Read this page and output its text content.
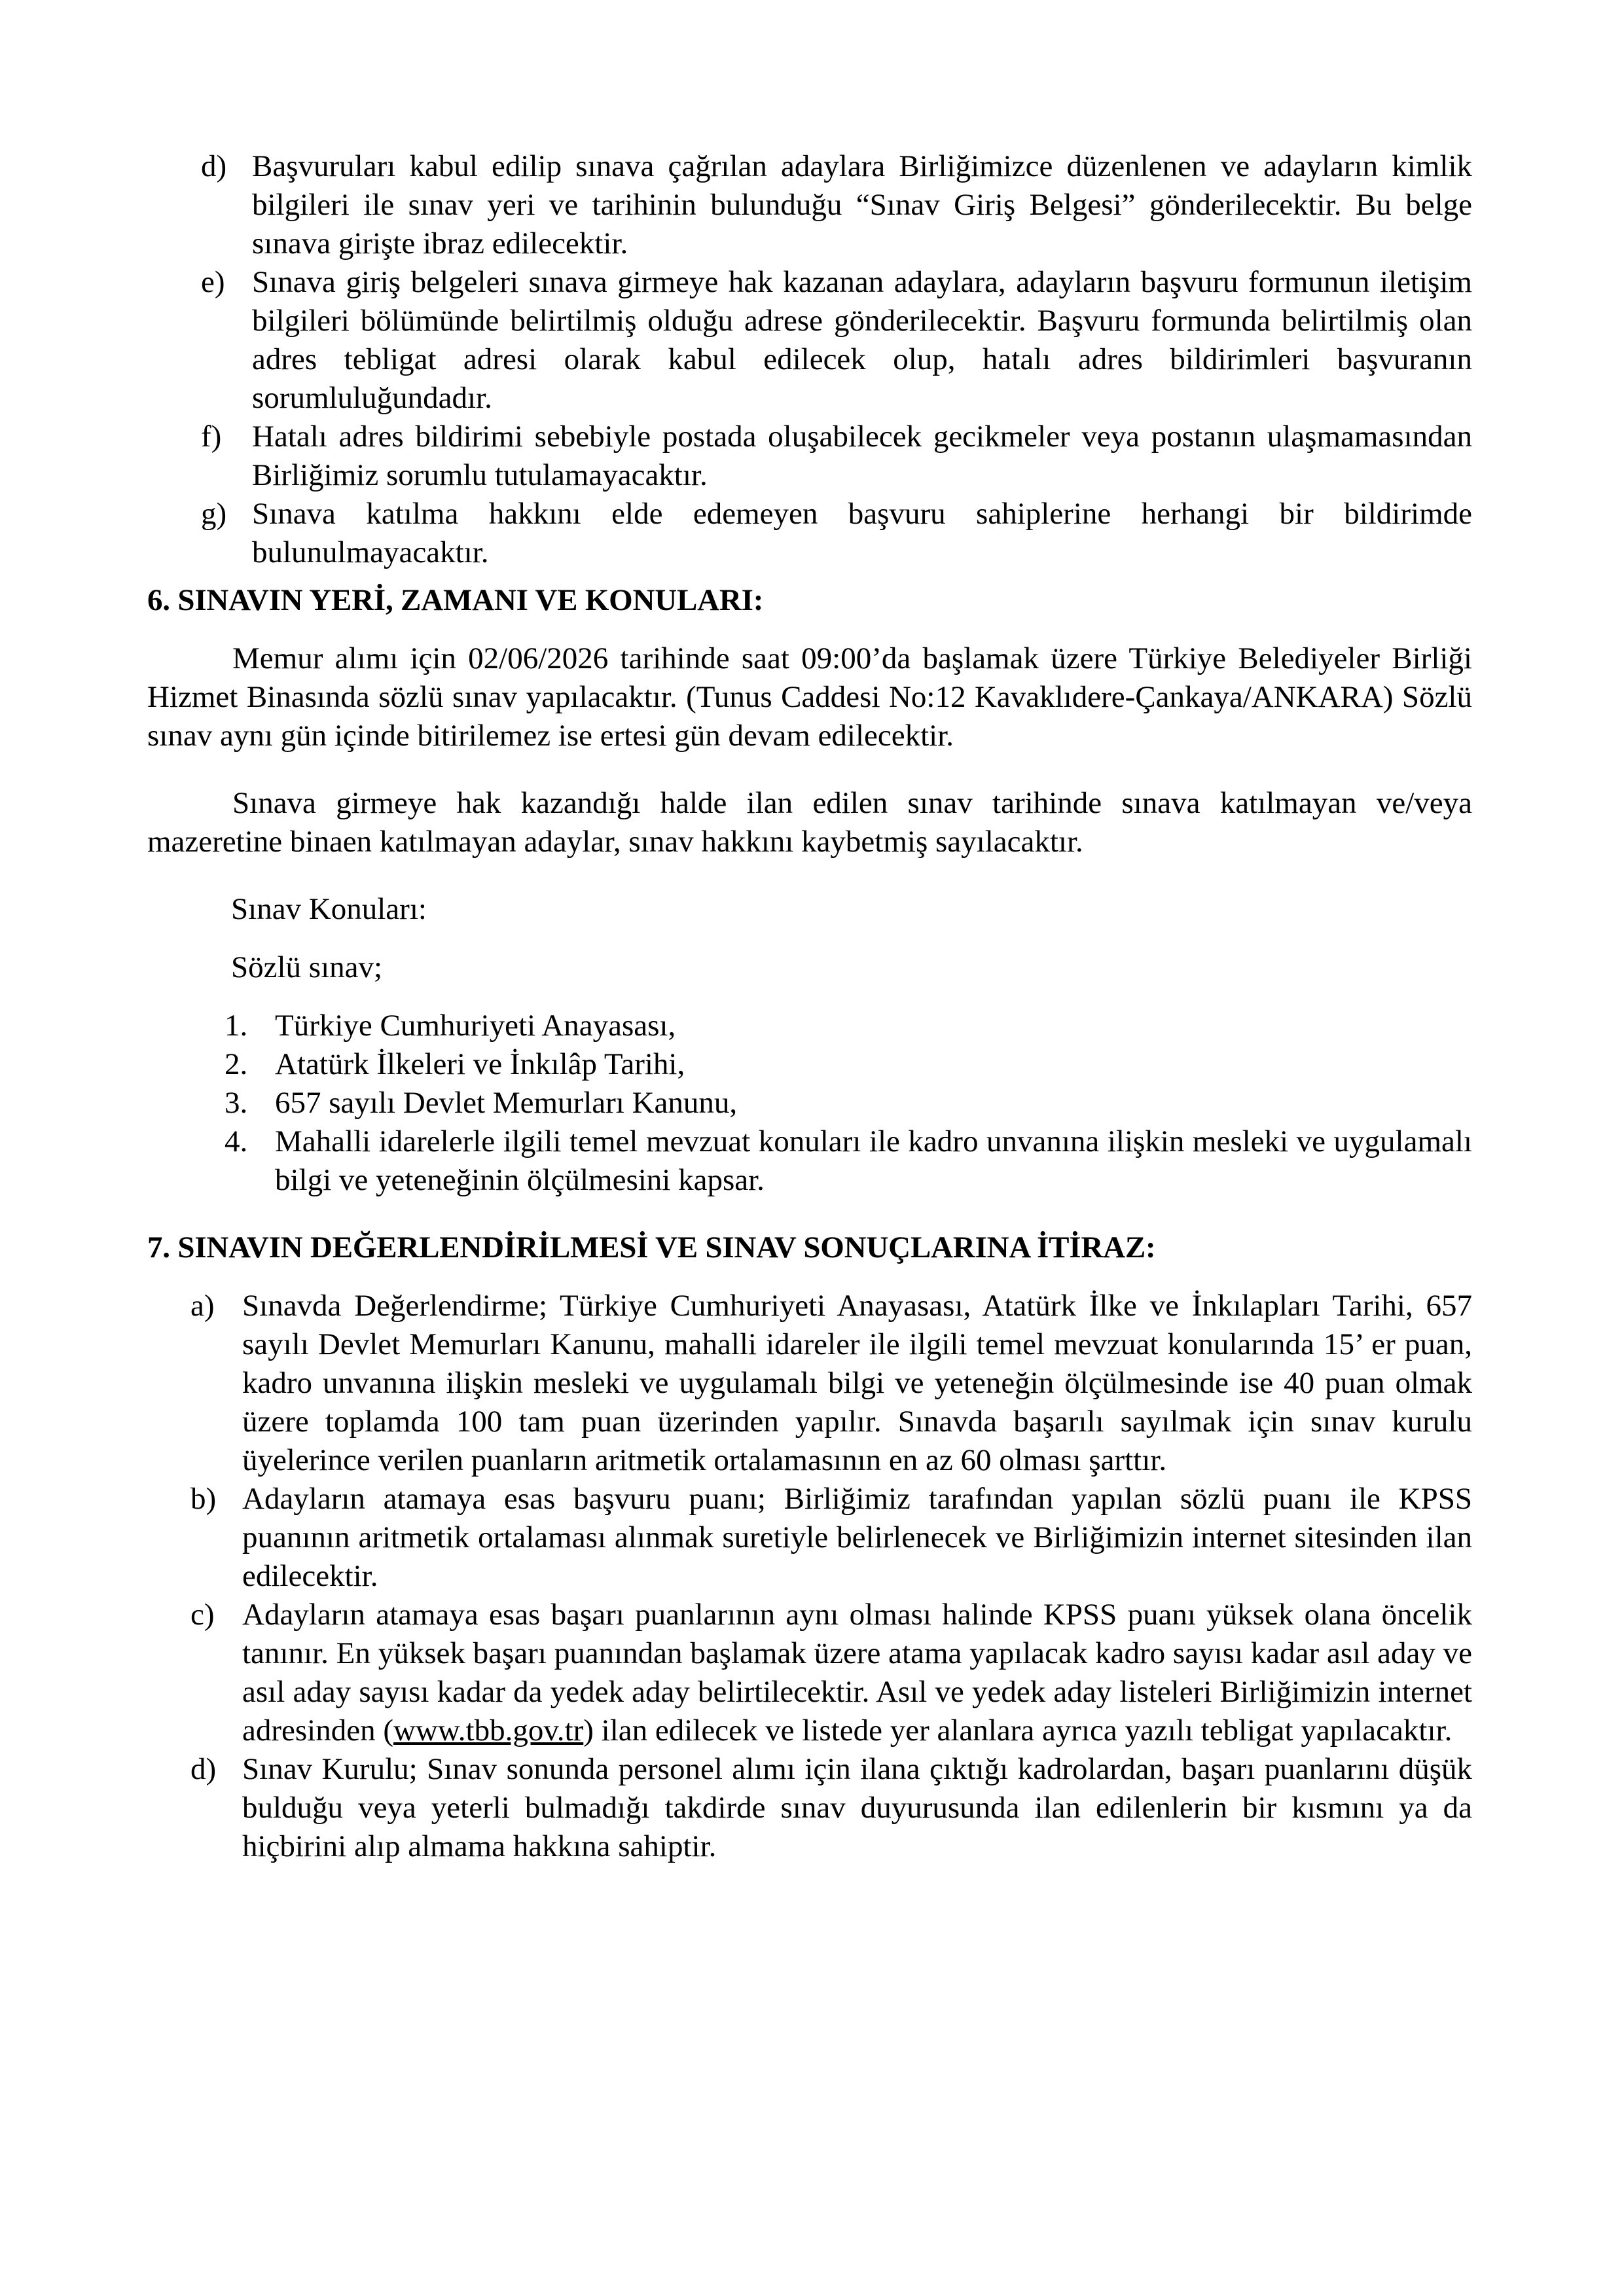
d) Başvuruları kabul edilip sınava çağrılan adaylara Birliğimizce düzenlenen ve adayların kimlik bilgileri ile sınav yeri ve tarihinin bulunduğu “Sınav Giriş Belgesi” gönderilecektir. Bu belge sınava girişte ibraz edilecektir.
e) Sınava giriş belgeleri sınava girmeye hak kazanan adaylara, adayların başvuru formunun iletişim bilgileri bölümünde belirtilmiş olduğu adrese gönderilecektir. Başvuru formunda belirtilmiş olan adres tebligat adresi olarak kabul edilecek olup, hatalı adres bildirimleri başvuranın sorumluluğundadır.
f) Hatalı adres bildirimi sebebiyle postada oluşabilecek gecikmeler veya postanın ulaşmamasından Birliğimiz sorumlu tutulamayacaktır.
g) Sınava katılma hakkını elde edemeyen başvuru sahiplerine herhangi bir bildirimde bulunulmayacaktır.
6. SINAVIN YERİ, ZAMANI VE KONULARI:

Memur alımı için 02/06/2026 tarihinde saat 09:00’da başlamak üzere Türkiye Belediyeler Birliği Hizmet Binasında sözlü sınav yapılacaktır. (Tunus Caddesi No:12 Kavaklıdere-Çankaya/ANKARA) Sözlü sınav aynı gün içinde bitirilemez ise ertesi gün devam edilecektir.

Sınava girmeye hak kazandığı halde ilan edilen sınav tarihinde sınava katılmayan ve/veya mazeretine binaen katılmayan adaylar, sınav hakkını kaybetmiş sayılacaktır.

Sınav Konuları:

Sözlü sınav;

1. Türkiye Cumhuriyeti Anayasası,
2. Atatürk İlkeleri ve İnkılâp Tarihi,
3. 657 sayılı Devlet Memurları Kanunu,
4. Mahalli idarelerle ilgili temel mevzuat konuları ile kadro unvanına ilişkin mesleki ve uygulamalı bilgi ve yeteneğinin ölçülmesini kapsar.
7. SINAVIN DEĞERLENDİRİLMESİ VE SINAV SONUÇLARINA İTİRAZ:
a) Sınavda Değerlendirme; Türkiye Cumhuriyeti Anayasası, Atatürk İlke ve İnkılapları Tarihi, 657 sayılı Devlet Memurları Kanunu, mahalli idareler ile ilgili temel mevzuat konularında 15’ er puan, kadro unvanına ilişkin mesleki ve uygulamalı bilgi ve yeteneğin ölçülmesinde ise 40 puan olmak üzere toplamda 100 tam puan üzerinden yapılır. Sınavda başarılı sayılmak için sınav kurulu üyelerince verilen puanların aritmetik ortalamasının en az 60 olması şarttır.
b) Adayların atamaya esas başvuru puanı; Birliğimiz tarafından yapılan sözlü puanı ile KPSS puanının aritmetik ortalaması alınmak suretiyle belirlenecek ve Birliğimizin internet sitesinden ilan edilecektir.
c) Adayların atamaya esas başarı puanlarının aynı olması halinde KPSS puanı yüksek olana öncelik tanınır. En yüksek başarı puanından başlamak üzere atama yapılacak kadro sayısı kadar asıl aday ve asıl aday sayısı kadar da yedek aday belirtilecektir. Asıl ve yedek aday listeleri Birliğimizin internet adresinden (www.tbb.gov.tr) ilan edilecek ve listede yer alanlara ayrıca yazılı tebligat yapılacaktır.
d) Sınav Kurulu; Sınav sonunda personel alımı için ilana çıktığı kadrolardan, başarı puanlarını düşük bulduğu veya yeterli bulmadığı takdirde sınav duyurusunda ilan edilenlerin bir kısmını ya da hiçbirini alıp almama hakkına sahiptir.
